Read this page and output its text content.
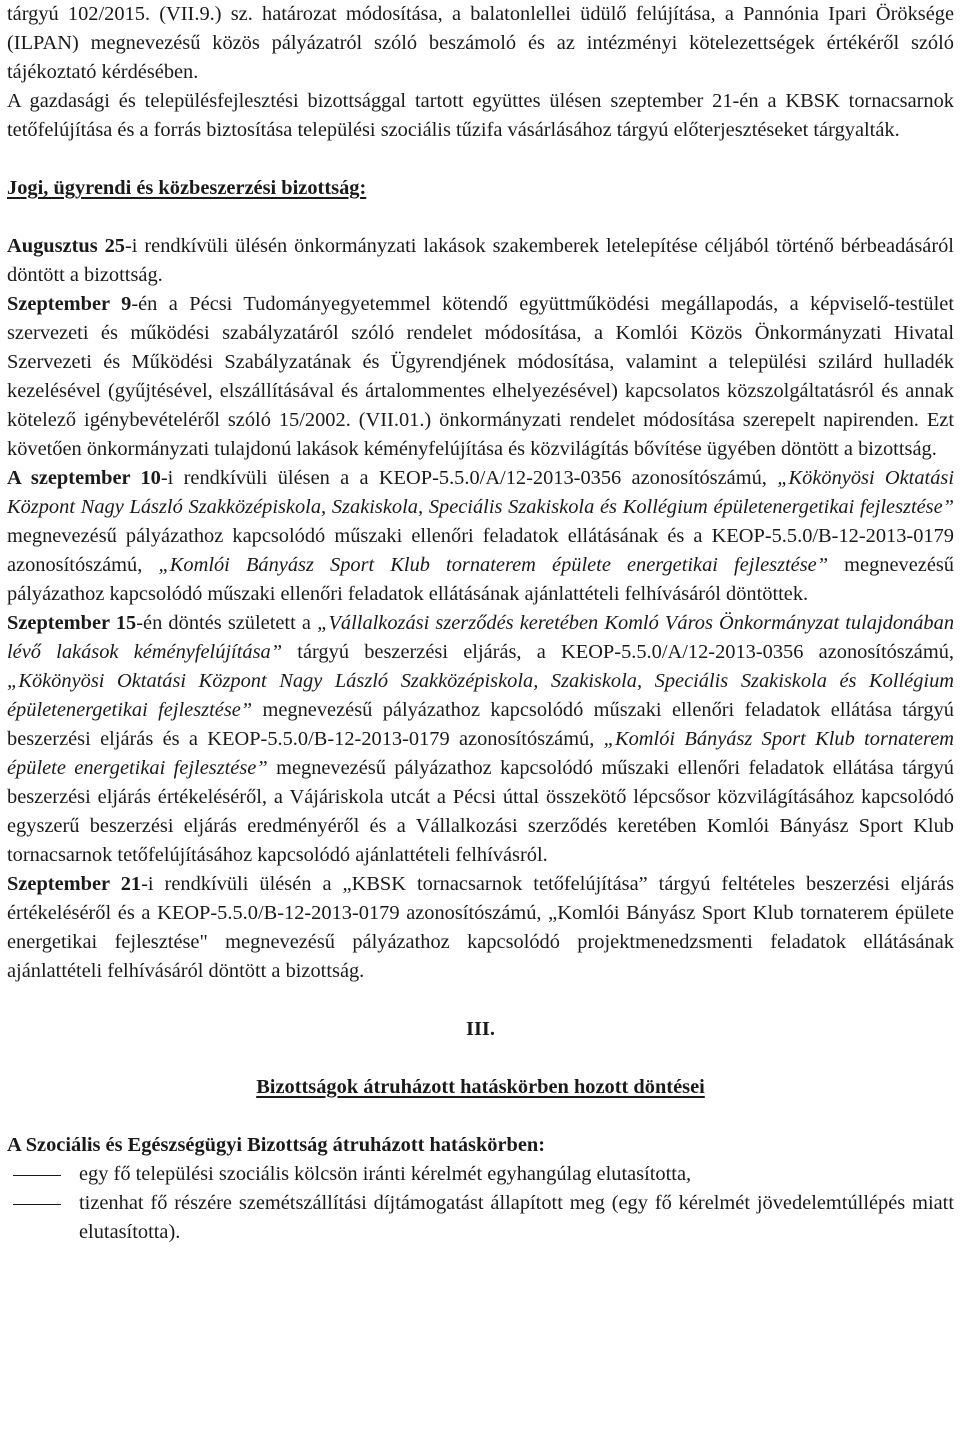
tárgyú 102/2015. (VII.9.) sz. határozat módosítása, a balatonlellei üdülő felújítása, a Pannónia Ipari Öröksége (ILPAN) megnevezésű közös pályázatról szóló beszámoló és az intézményi kötelezettségek értékéről szóló tájékoztató kérdésében.

A gazdasági és településfejlesztési bizottsággal tartott együttes ülésen szeptember 21-én a KBSK tornacsarnok tetőfelújítása és a forrás biztosítása települési szociális tűzifa vásárlásához tárgyú előterjesztéseket tárgyalták.

Jogi, ügyrendi és közbeszerzési bizottság:

Augusztus 25-i rendkívüli ülésén önkormányzati lakások szakemberek letelepítése céljából történő bérbeadásáról döntött a bizottság.

Szeptember 9-én a Pécsi Tudományegyetemmel kötendő együttműködési megállapodás, a képviselő-testület szervezeti és működési szabályzatáról szóló rendelet módosítása, a Komlói Közös Önkormányzati Hivatal Szervezeti és Működési Szabályzatának és Ügyrendjének módosítása, valamint a települési szilárd hulladék kezelésével (gyűjtésével, elszállításával és ártalommentes elhelyezésével) kapcsolatos közszolgáltatásról és annak kötelező igénybevételéről szóló 15/2002. (VII.01.) önkormányzati rendelet módosítása szerepelt napirenden. Ezt követően önkormányzati tulajdonú lakások kéményfelújítása és közvilágítás bővítése ügyében döntött a bizottság.

A szeptember 10-i rendkívüli ülésen a a KEOP-5.5.0/A/12-2013-0356 azonosítószámú, „Kökönyösi Oktatási Központ Nagy László Szakközépiskola, Szakiskola, Speciális Szakiskola és Kollégium épületenergetikai fejlesztése” megnevezésű pályázathoz kapcsolódó műszaki ellenőri feladatok ellátásának és a KEOP-5.5.0/B-12-2013-0179 azonosítószámú, „Komlói Bányász Sport Klub tornaterem épülete energetikai fejlesztése” megnevezésű pályázathoz kapcsolódó műszaki ellenőri feladatok ellátásának ajánlattételi felhívásáról döntöttek.

Szeptember 15-én döntés született a „Vállalkozási szerződés keretében Komló Város Önkormányzat tulajdonában lévő lakások kéményfelújítása” tárgyú beszerzési eljárás, a KEOP-5.5.0/A/12-2013-0356 azonosítószámú, „Kökönyösi Oktatási Központ Nagy László Szakközépiskola, Szakiskola, Speciális Szakiskola és Kollégium épületenergetikai fejlesztése” megnevezésű pályázathoz kapcsolódó műszaki ellenőri feladatok ellátása tárgyú beszerzési eljárás és a KEOP-5.5.0/B-12-2013-0179 azonosítószámú, „Komlói Bányász Sport Klub tornaterem épülete energetikai fejlesztése” megnevezésű pályázathoz kapcsolódó műszaki ellenőri feladatok ellátása tárgyú beszerzési eljárás értékeléséről, a Vájáriskola utcát a Pécsi úttal összekötő lépcsősor közvilágításához kapcsolódó egyszerű beszerzési eljárás eredményéről és a Vállalkozási szerződés keretében Komlói Bányász Sport Klub tornacsarnok tetőfelújításához kapcsolódó ajánlattételi felhívásról.

Szeptember 21-i rendkívüli ülésén a „KBSK tornacsarnok tetőfelújítása” tárgyú feltételes beszerzési eljárás értékeléséről és a KEOP-5.5.0/B-12-2013-0179 azonosítószámú, „Komlói Bányász Sport Klub tornaterem épülete energetikai fejlesztése" megnevezésű pályázathoz kapcsolódó projektmenedzsmenti feladatok ellátásának ajánlattételi felhívásáról döntött a bizottság.

III.

Bizottságok átruházott hatáskörben hozott döntései

A Szociális és Egészségügyi Bizottság átruházott hatáskörben:

egy fő települési szociális kölcsön iránti kérelmét egyhangúlag elutasította,
tizenhat fő részére szemétszállítási díjtámogatást állapított meg (egy fő kérelmét jövedelemtúllépés miatt elutasította).
